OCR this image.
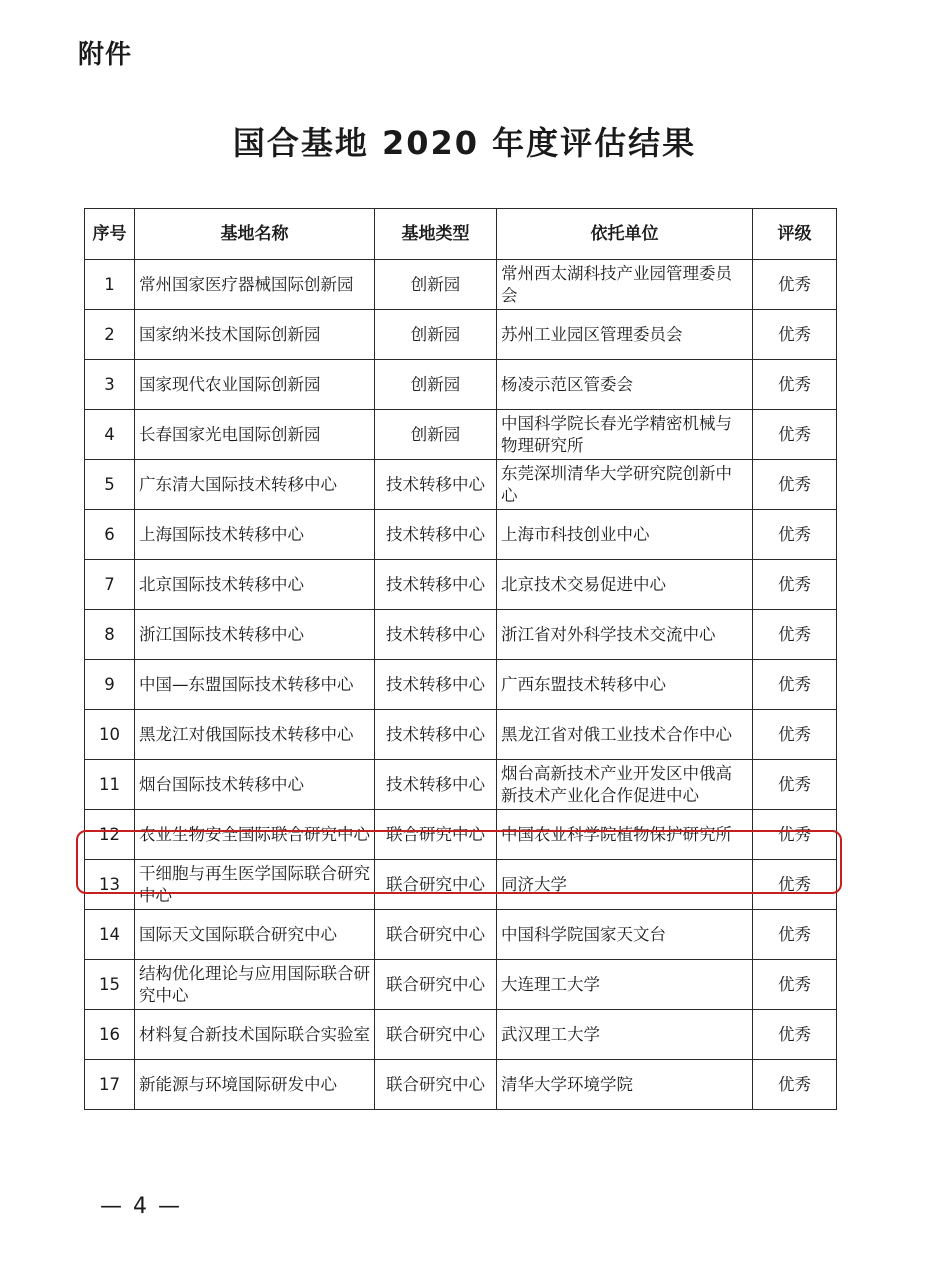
附件
国合基地 2020 年度评估结果
序号	基地名称	基地类型	依托单位	评级
1	常州国家医疗器械国际创新园	创新园	常州西太湖科技产业园管理委员会	优秀
2	国家纳米技术国际创新园	创新园	苏州工业园区管理委员会	优秀
3	国家现代农业国际创新园	创新园	杨凌示范区管委会	优秀
4	长春国家光电国际创新园	创新园	中国科学院长春光学精密机械与物理研究所	优秀
5	广东清大国际技术转移中心	技术转移中心	东莞深圳清华大学研究院创新中心	优秀
6	上海国际技术转移中心	技术转移中心	上海市科技创业中心	优秀
7	北京国际技术转移中心	技术转移中心	北京技术交易促进中心	优秀
8	浙江国际技术转移中心	技术转移中心	浙江省对外科学技术交流中心	优秀
9	中国—东盟国际技术转移中心	技术转移中心	广西东盟技术转移中心	优秀
10	黑龙江对俄国际技术转移中心	技术转移中心	黑龙江省对俄工业技术合作中心	优秀
11	烟台国际技术转移中心	技术转移中心	烟台高新技术产业开发区中俄高新技术产业化合作促进中心	优秀
12	农业生物安全国际联合研究中心	联合研究中心	中国农业科学院植物保护研究所	优秀
13	干细胞与再生医学国际联合研究中心	联合研究中心	同济大学	优秀
14	国际天文国际联合研究中心	联合研究中心	中国科学院国家天文台	优秀
15	结构优化理论与应用国际联合研究中心	联合研究中心	大连理工大学	优秀
16	材料复合新技术国际联合实验室	联合研究中心	武汉理工大学	优秀
17	新能源与环境国际研发中心	联合研究中心	清华大学环境学院	优秀
— 4 —
